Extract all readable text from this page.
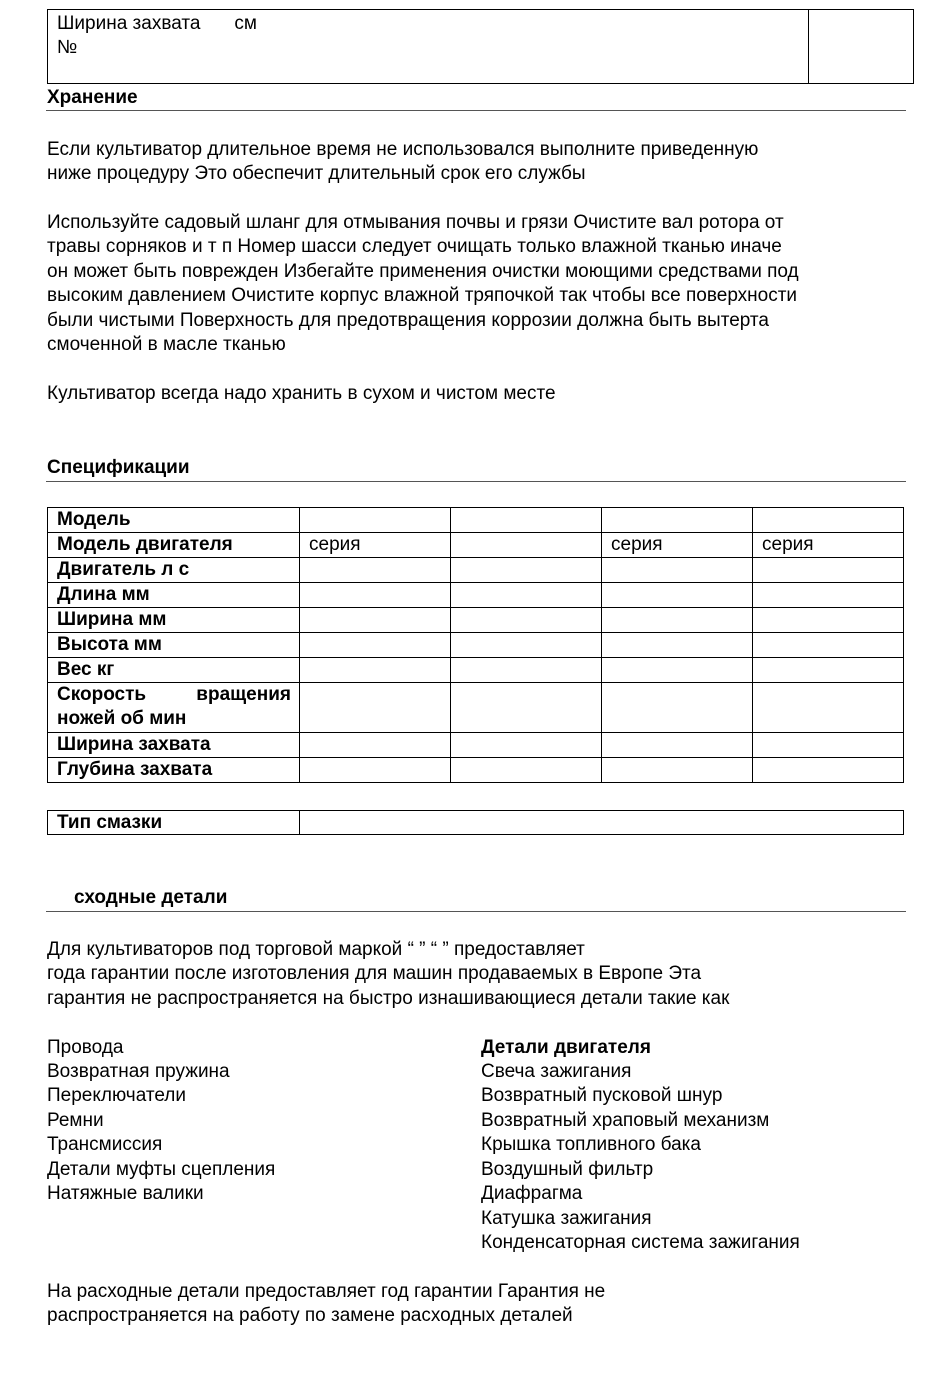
Ширина захвата см
№
Хранение
Если культиватор длительное время не использовался выполните приведенную
ниже процедуру Это обеспечит длительный срок его службы
Используйте садовый шланг для отмывания почвы и грязи Очистите вал ротора от
травы сорняков и т п Номер шасси следует очищать только влажной тканью иначе
он может быть поврежден Избегайте применения очистки моющими средствами под
высоким давлением Очистите корпус влажной тряпочкой так чтобы все поверхности
были чистыми Поверхность для предотвращения коррозии должна быть вытерта
смоченной в масле тканью
Культиватор всегда надо хранить в сухом и чистом месте
Спецификации
Модель				
Модель двигателя	серия		серия	серия
Двигатель л с				
Длина мм				
Ширина мм				
Высота мм				
Вес кг				

Скорость вращения
ножей об мин				

Ширина захвата				
Глубина захвата				
Тип смазки	
сходные детали
Для культиваторов под торговой маркой “ ” “ ” предоставляет
года гарантии после изготовления для машин продаваемых в Европе Эта
гарантия не распространяется на быстро изнашивающиеся детали такие как
Провода
Возвратная пружина
Переключатели
Ремни
Трансмиссия
Детали муфты сцепления
Натяжные валики
Детали двигателя
Свеча зажигания
Возвратный пусковой шнур
Возвратный храповый механизм
Крышка топливного бака
Воздушный фильтр
Диафрагма
Катушка зажигания
Конденсаторная система зажигания
На расходные детали предоставляет год гарантии Гарантия не
распространяется на работу по замене расходных деталей
